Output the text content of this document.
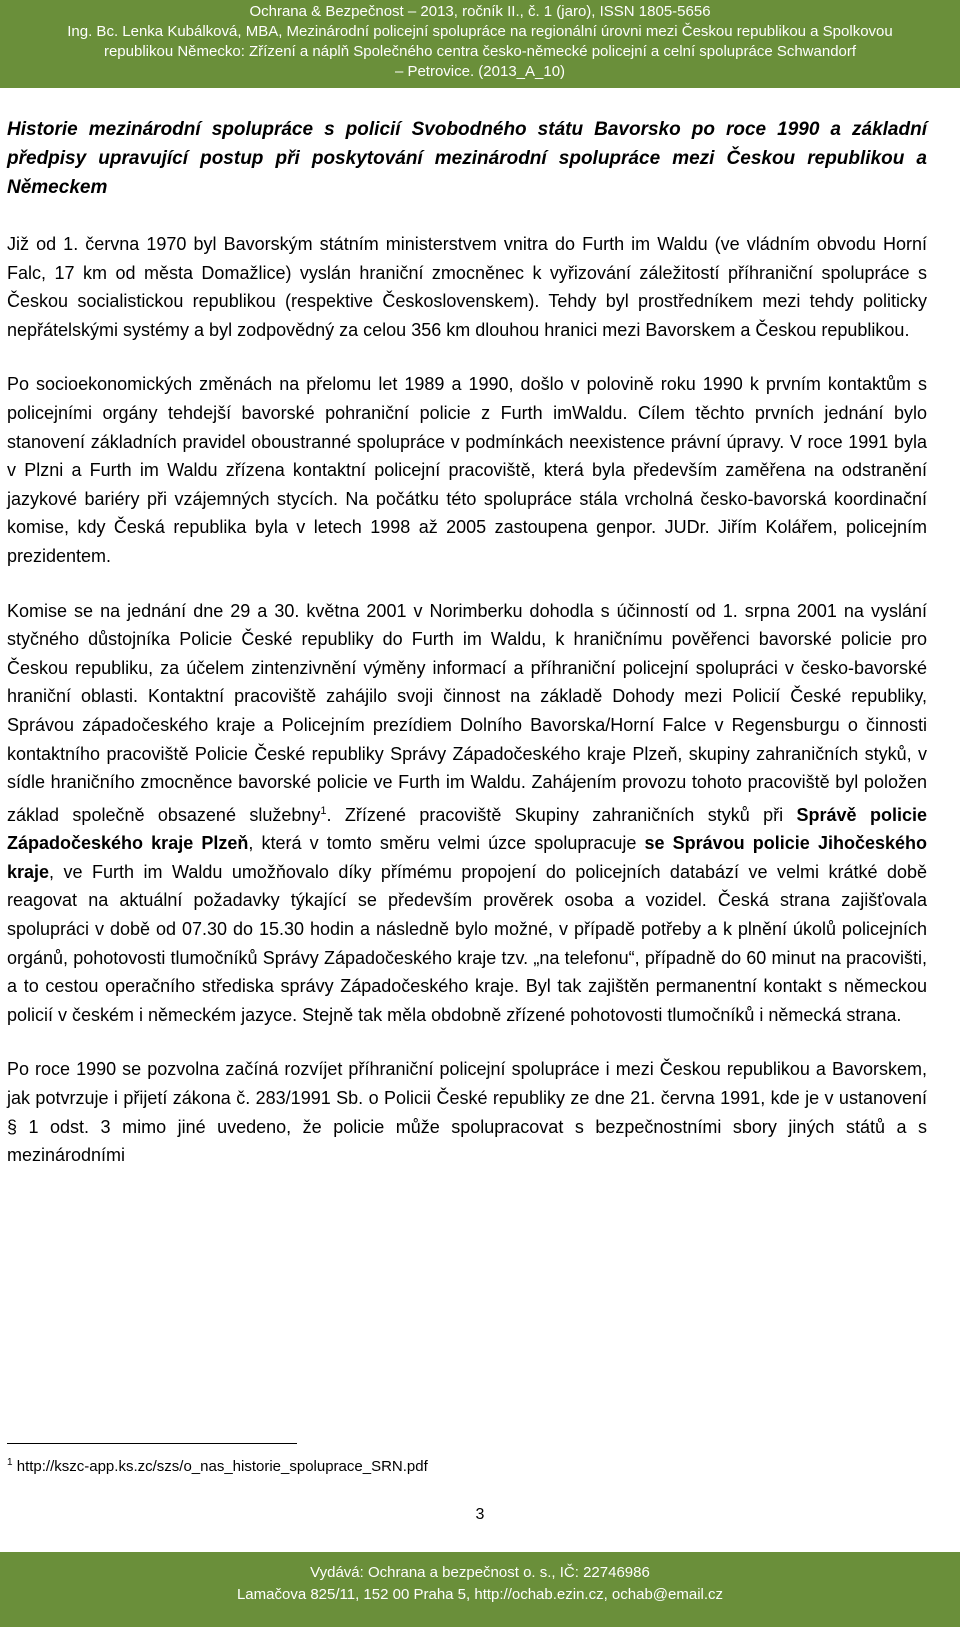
Ochrana & Bezpečnost – 2013, ročník II., č. 1 (jaro), ISSN 1805-5656
Ing. Bc. Lenka Kubálková, MBA, Mezinárodní policejní spolupráce na regionální úrovni mezi Českou republikou a Spolkovou
republikou Německo: Zřízení a náplň Společného centra česko-německé policejní a celní spolupráce Schwandorf
– Petrovice. (2013_A_10)
Historie mezinárodní spolupráce s policií Svobodného státu Bavorsko po roce 1990 a základní předpisy upravující postup při poskytování mezinárodní spolupráce mezi Českou republikou a Německem

Již od 1. června 1970 byl Bavorským státním ministerstvem vnitra do Furth im Waldu (ve vládním obvodu Horní Falc, 17 km od města Domažlice) vyslán hraniční zmocněnec k vyřizování záležitostí příhraniční spolupráce s Českou socialistickou republikou (respektive Československem). Tehdy byl prostředníkem mezi tehdy politicky nepřátelskými systémy a byl zodpovědný za celou 356 km dlouhou hranici mezi Bavorskem a Českou republikou.

Po socioekonomických změnách na přelomu let 1989 a 1990, došlo v polovině roku 1990 k prvním kontaktům s policejními orgány tehdejší bavorské pohraniční policie z Furth imWaldu. Cílem těchto prvních jednání bylo stanovení základních pravidel oboustranné spolupráce v podmínkách neexistence právní úpravy. V roce 1991 byla v Plzni a Furth im Waldu zřízena kontaktní policejní pracoviště, která byla především zaměřena na odstranění jazykové bariéry při vzájemných stycích. Na počátku této spolupráce stála vrcholná česko-bavorská koordinační komise, kdy Česká republika byla v letech 1998 až 2005 zastoupena genpor. JUDr. Jiřím Kolářem, policejním prezidentem.

Komise se na jednání dne 29 a 30. května 2001 v Norimberku dohodla s účinností od 1. srpna 2001 na vyslání styčného důstojníka Policie České republiky do Furth im Waldu, k hraničnímu pověřenci bavorské policie pro Českou republiku, za účelem zintenzivnění výměny informací a příhraniční policejní spolupráci v česko-bavorské hraniční oblasti. Kontaktní pracoviště zahájilo svoji činnost na základě Dohody mezi Policií České republiky, Správou západočeského kraje a Policejním prezídiem Dolního Bavorska/Horní Falce v Regensburgu o činnosti kontaktního pracoviště Policie České republiky Správy Západočeského kraje Plzeň, skupiny zahraničních styků, v sídle hraničního zmocněnce bavorské policie ve Furth im Waldu. Zahájením provozu tohoto pracoviště byl položen základ společně obsazené služebny$^1$. Zřízené pracoviště Skupiny zahraničních styků při Správě policie Západočeského kraje Plzeň, která v tomto směru velmi úzce spolupracuje se Správou policie Jihočeského kraje, ve Furth im Waldu umožňovalo díky přímému propojení do policejních databází ve velmi krátké době reagovat na aktuální požadavky týkající se především prověrek osoba a vozidel. Česká strana zajišťovala spolupráci v době od 07.30 do 15.30 hodin a následně bylo možné, v případě potřeby a k plnění úkolů policejních orgánů, pohotovosti tlumočníků Správy Západočeského kraje tzv. „na telefonu“, případně do 60 minut na pracovišti, a to cestou operačního střediska správy Západočeského kraje. Byl tak zajištěn permanentní kontakt s německou policií v českém i německém jazyce. Stejně tak měla obdobně zřízené pohotovosti tlumočníků i německá strana.

Po roce 1990 se pozvolna začíná rozvíjet příhraniční policejní spolupráce i mezi Českou republikou a Bavorskem, jak potvrzuje i přijetí zákona č. 283/1991 Sb. o Policii České republiky ze dne 21. června 1991, kde je v ustanovení § 1 odst. 3 mimo jiné uvedeno, že policie může spolupracovat s bezpečnostními sbory jiných států a s mezinárodními

$^1$ http://kszc-app.ks.zc/szs/o_nas_historie_spoluprace_SRN.pdf
3
Vydává: Ochrana a bezpečnost o. s., IČ: 22746986
Lamačova 825/11, 152 00 Praha 5, http://ochab.ezin.cz, ochab@email.cz
